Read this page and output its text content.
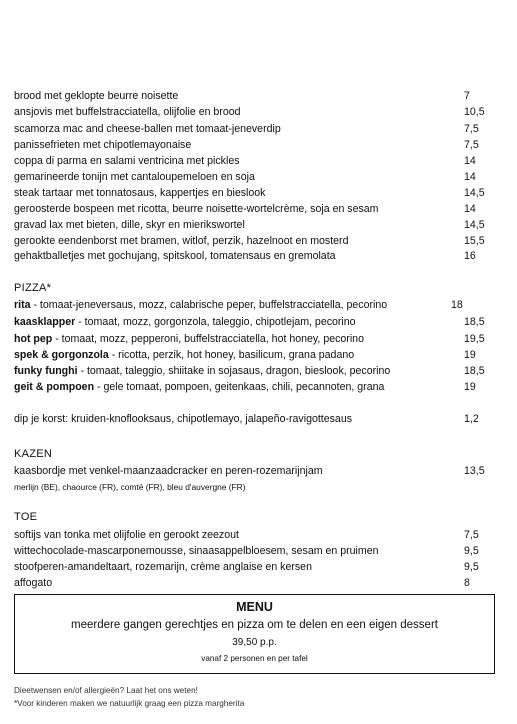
brood met geklopte beurre noisette	7
ansjovis met buffelstracciatella, olijfolie en brood	10,5
scamorza mac and cheese-ballen met tomaat-jeneverdip	7,5
panissefrieten met chipotlemayonaise	7,5
coppa di parma en salami ventricina met pickles	14
gemarineerde tonijn met cantaloupemeloen en soja	14
steak tartaar met tonnatosaus, kappertjes en bieslook	14,5
geroosterde bospeen met ricotta, beurre noisette-wortelcrème, soja en sesam	14
gravad lax met bieten, dille, skyr en mierikswortel	14,5
gerookte eendenborst met bramen, witlof, perzik, hazelnoot en mosterd	15,5
gehaktballetjes met gochujang, spitskool, tomatensaus en gremolata	16
PIZZA*
rita - tomaat-jeneversaus, mozz, calabrische peper, buffelstracciatella, pecorino	18
kaasklapper - tomaat, mozz, gorgonzola, taleggio, chipotlejam, pecorino	18,5
hot pep - tomaat, mozz, pepperoni, buffelstracciatella, hot honey, pecorino	19,5
spek & gorgonzola - ricotta, perzik, hot honey, basilicum, grana padano	19
funky funghi - tomaat, taleggio, shiitake in sojasaus, dragon, bieslook, pecorino	18,5
geit & pompoen - gele tomaat, pompoen, geitenkaas, chili, pecannoten, grana	19
dip je korst: kruiden-knoflooksaus, chipotlemayo, jalapeño-ravigottesaus	1,2
KAZEN
kaasbordje met venkel-maanzaadcracker en peren-rozemarijnjam	13,5
merlijn (BE), chaource (FR), comté (FR), bleu d'auvergne (FR)
TOE
softijs van tonka met olijfolie en gerookt zeezout	7,5
wittechocolade-mascarponemousse, sinaasappelbloesem, sesam en pruimen	9,5
stoofperen-amandeltaart, rozemarijn, crème anglaise en kersen	9,5
affogato	8
MENU
meerdere gangen gerechtjes en pizza om te delen en een eigen dessert
39,50 p.p.
vanaf 2 personen en per tafel
Dieetwensen en/of allergieën? Laat het ons weten!
*Voor kinderen maken we natuurlijk graag een pizza margherita
